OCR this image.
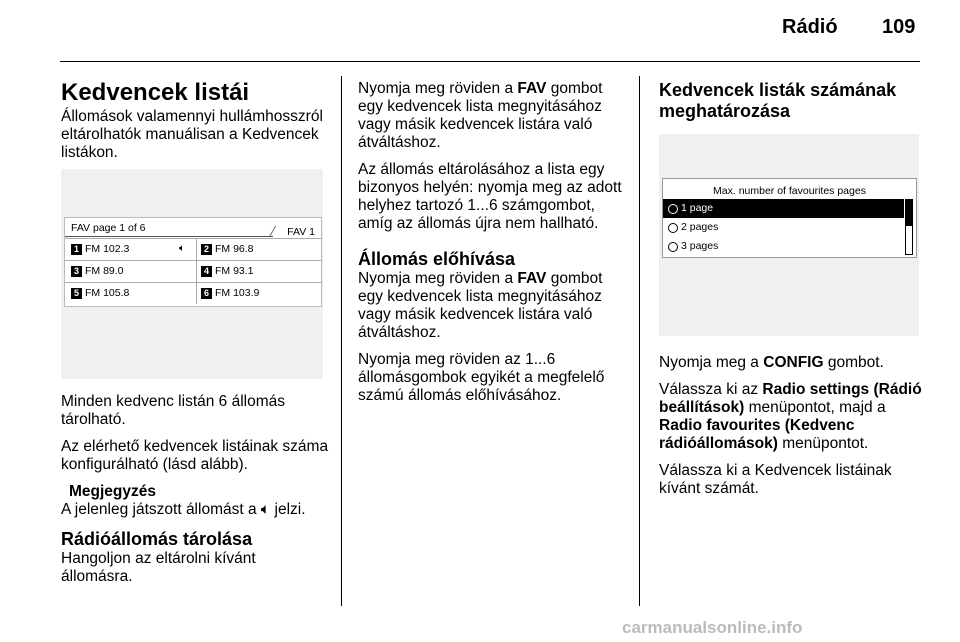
Rádió 109
Kedvencek listái

Állomások valamennyi hullámhosszról eltárolhatók manuálisan a Kedvencek listákon.

FAV page 1 of 6	FAV 1
1 FM 102.3	🔈︎	2 FM 96.8
3 FM 89.0	4 FM 93.1
5 FM 105.8	6 FM 103.9

Minden kedvenc listán 6 állomás tárolható.

Az elérhető kedvencek listáinak száma konfigurálható (lásd alább).

Megjegyzés
A jelenleg játszott állomást a 🔈︎ jelzi.
Rádióállomás tárolása

Hangoljon az eltárolni kívánt állomásra.

Nyomja meg röviden a FAV gombot egy kedvencek lista megnyitásához vagy másik kedvencek listára való átváltáshoz.

Az állomás eltárolásához a lista egy bizonyos helyén: nyomja meg az adott helyhez tartozó 1...6 számgombot, amíg az állomás újra nem hallható.

Állomás előhívása

Nyomja meg röviden a FAV gombot egy kedvencek lista megnyitásához vagy másik kedvencek listára való átváltáshoz.

Nyomja meg röviden az 1...6 állomásgombok egyikét a megfelelő számú állomás előhívásához.

Kedvencek listák számának meghatározása
Max. number of favourites pages
1 page
2 pages
3 pages

Nyomja meg a CONFIG gombot.

Válassza ki az Radio settings (Rádió beállítások) menüpontot, majd a Radio favourites (Kedvenc rádióállomások) menüpontot.

Válassza ki a Kedvencek listáinak kívánt számát.

carmanualsonline.info
